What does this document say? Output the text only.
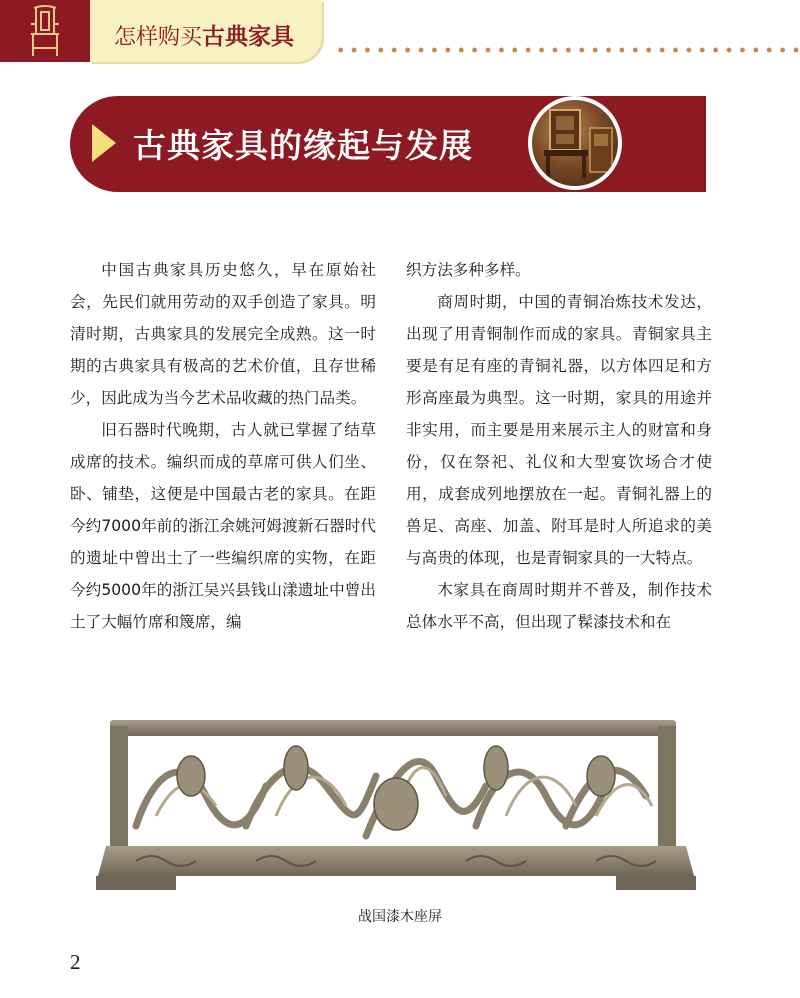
怎样购买古典家具
古典家具的缘起与发展

中国古典家具历史悠久，早在原始社会，先民们就用劳动的双手创造了家具。明清时期，古典家具的发展完全成熟。这一时期的古典家具有极高的艺术价值，且存世稀少，因此成为当今艺术品收藏的热门品类。

旧石器时代晚期，古人就已掌握了结草成席的技术。编织而成的草席可供人们坐、卧、铺垫，这便是中国最古老的家具。在距今约7000年前的浙江余姚河姆渡新石器时代的遗址中曾出土了一些编织席的实物，在距今约5000年的浙江吴兴县钱山漾遗址中曾出土了大幅竹席和篾席，编

织方法多种多样。

商周时期，中国的青铜冶炼技术发达，出现了用青铜制作而成的家具。青铜家具主要是有足有座的青铜礼器，以方体四足和方形高座最为典型。这一时期，家具的用途并非实用，而主要是用来展示主人的财富和身份，仅在祭祀、礼仪和大型宴饮场合才使用，成套成列地摆放在一起。青铜礼器上的兽足、高座、加盖、附耳是时人所追求的美与高贵的体现，也是青铜家具的一大特点。

木家具在商周时期并不普及，制作技术总体水平不高，但出现了髹漆技术和在

战国漆木座屏
2
